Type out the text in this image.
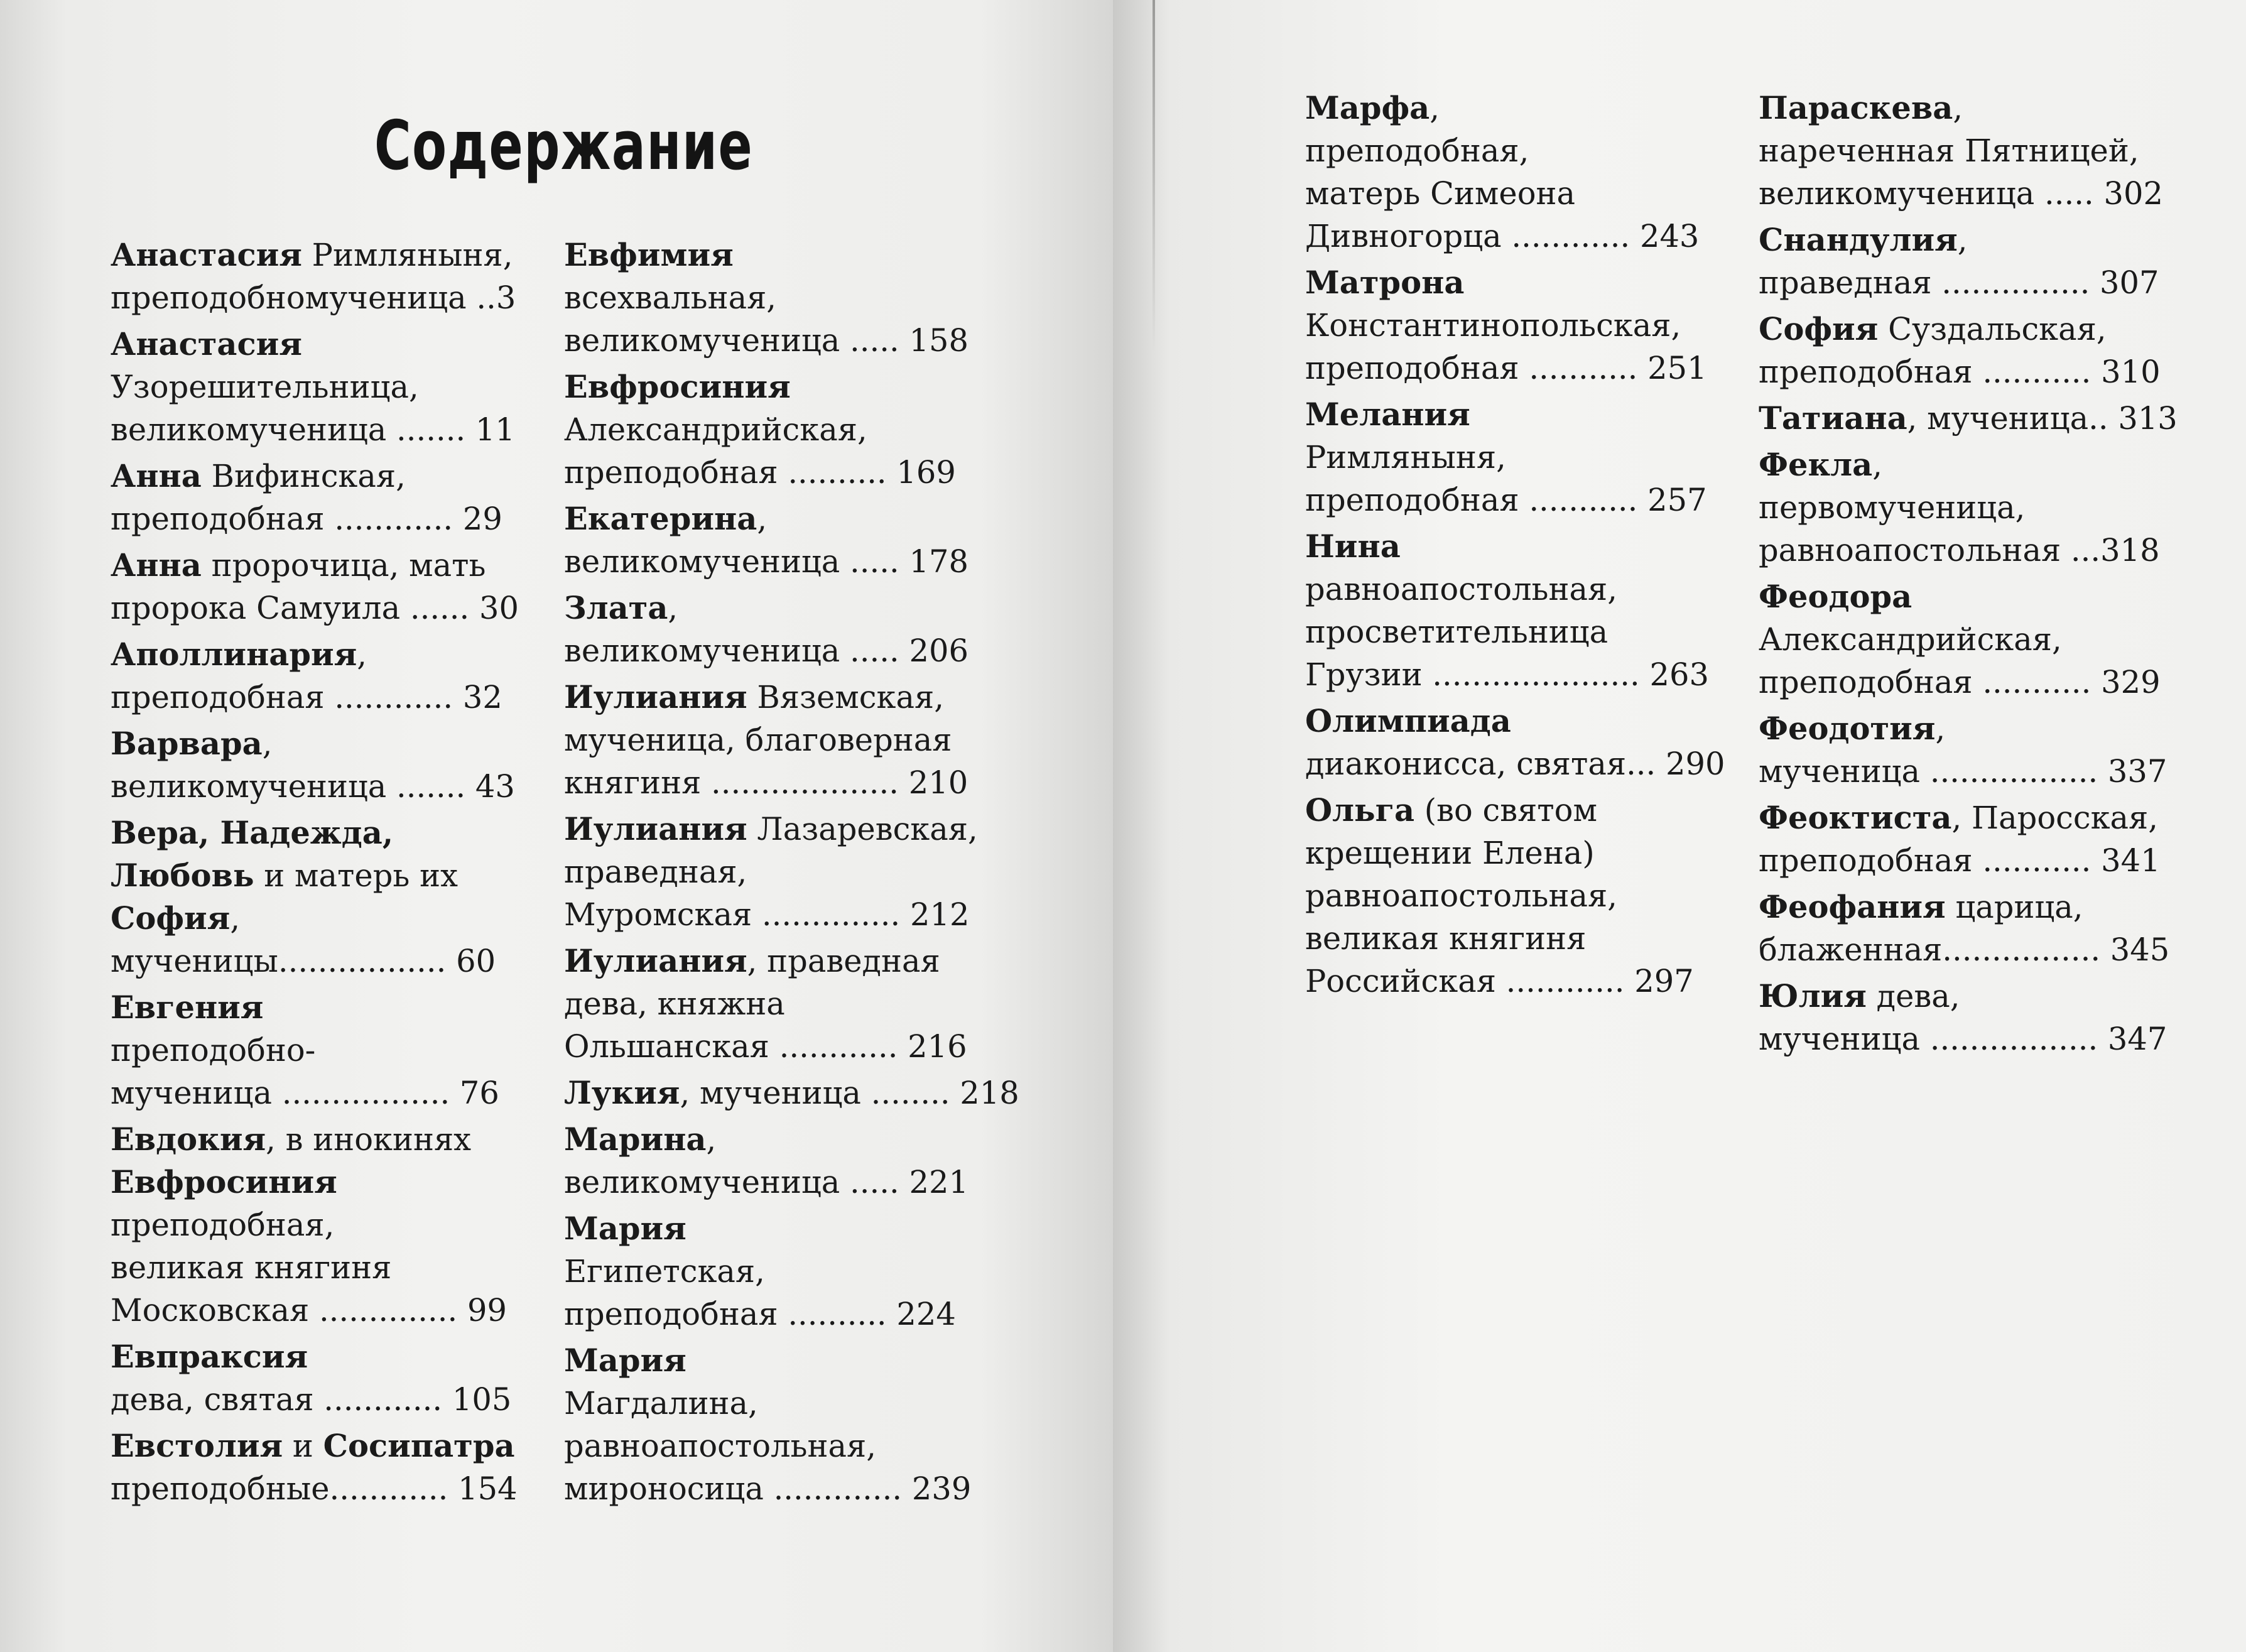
Содержание
Анастасия Римляныня,
преподобномученица ..3
Анастасия
Узорешительница,
великомученица ....... 11
Анна Вифинская,
преподобная ............ 29
Анна пророчица, мать
пророка Самуила ...... 30
Аполлинария,
преподобная ............ 32
Варвара,
великомученица ....... 43
Вера, Надежда,
Любовь и матерь их
София,
мученицы................. 60
Евгения
преподобно-
мученица ................. 76
Евдокия, в инокинях
Евфросиния
преподобная,
великая княгиня
Московская .............. 99
Евпраксия
дева, святая ............ 105
Евстолия и Сосипатра
преподобные............ 154
Евфимия
всехвальная,
великомученица ..... 158
Евфросиния
Александрийская,
преподобная .......... 169
Екатерина,
великомученица ..... 178
Злата,
великомученица ..... 206
Иулиания Вяземская,
мученица, благоверная
княгиня ................... 210
Иулиания Лазаревская,
праведная,
Муромская .............. 212
Иулиания, праведная
дева, княжна
Ольшанская ............ 216
Лукия, мученица ........ 218
Марина,
великомученица ..... 221
Мария
Египетская,
преподобная .......... 224
Мария
Магдалина,
равноапостольная,
мироносица ............. 239
Марфа,
преподобная,
матерь Симеона
Дивногорца ............ 243
Матрона
Константинопольская,
преподобная ........... 251
Мелания
Римляныня,
преподобная ........... 257
Нина
равноапостольная,
просветительница
Грузии ..................... 263
Олимпиада
диаконисса, святая... 290
Ольга (во святом
крещении Елена)
равноапостольная,
великая княгиня
Российская ............ 297
Параскева,
нареченная Пятницей,
великомученица ..... 302
Снандулия,
праведная ............... 307
София Суздальская,
преподобная ........... 310
Татиана, мученица.. 313
Фекла,
первомученица,
равноапостольная ...318
Феодора
Александрийская,
преподобная ........... 329
Феодотия,
мученица ................. 337
Феоктиста, Паросская,
преподобная ........... 341
Феофания царица,
блаженная................ 345
Юлия дева,
мученица ................. 347
